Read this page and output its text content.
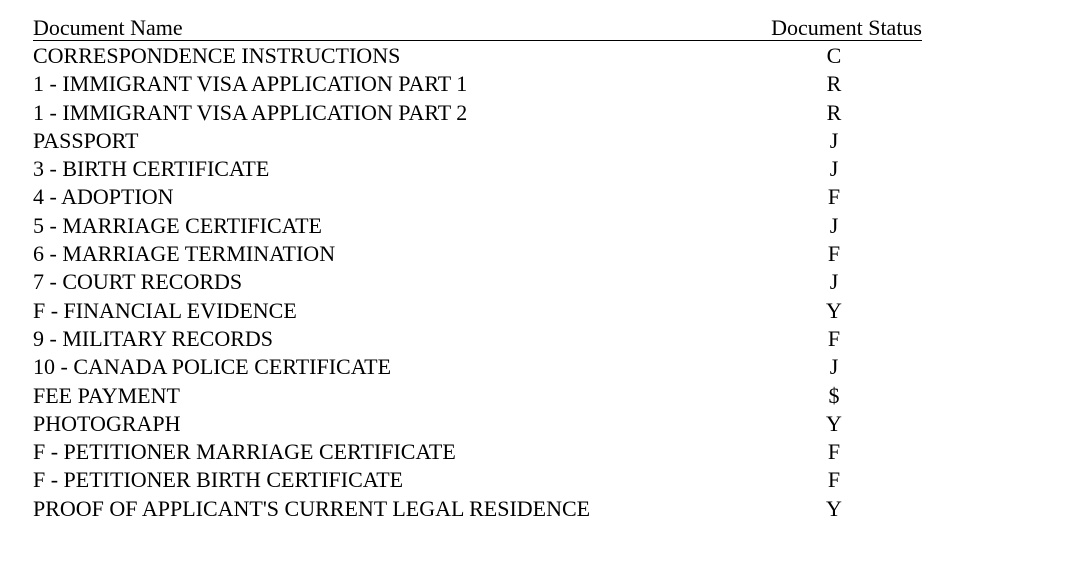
Document Name	Document Status
CORRESPONDENCE INSTRUCTIONS	C
1 - IMMIGRANT VISA APPLICATION PART 1	R
1 - IMMIGRANT VISA APPLICATION PART 2	R
PASSPORT	J
3 - BIRTH CERTIFICATE	J
4 - ADOPTION	F
5 - MARRIAGE CERTIFICATE	J
6 - MARRIAGE TERMINATION	F
7 - COURT RECORDS	J
F - FINANCIAL EVIDENCE	Y
9 - MILITARY RECORDS	F
10 - CANADA POLICE CERTIFICATE	J
FEE PAYMENT	$
PHOTOGRAPH	Y
F - PETITIONER MARRIAGE CERTIFICATE	F
F - PETITIONER BIRTH CERTIFICATE	F
PROOF OF APPLICANT'S CURRENT LEGAL RESIDENCE	Y
